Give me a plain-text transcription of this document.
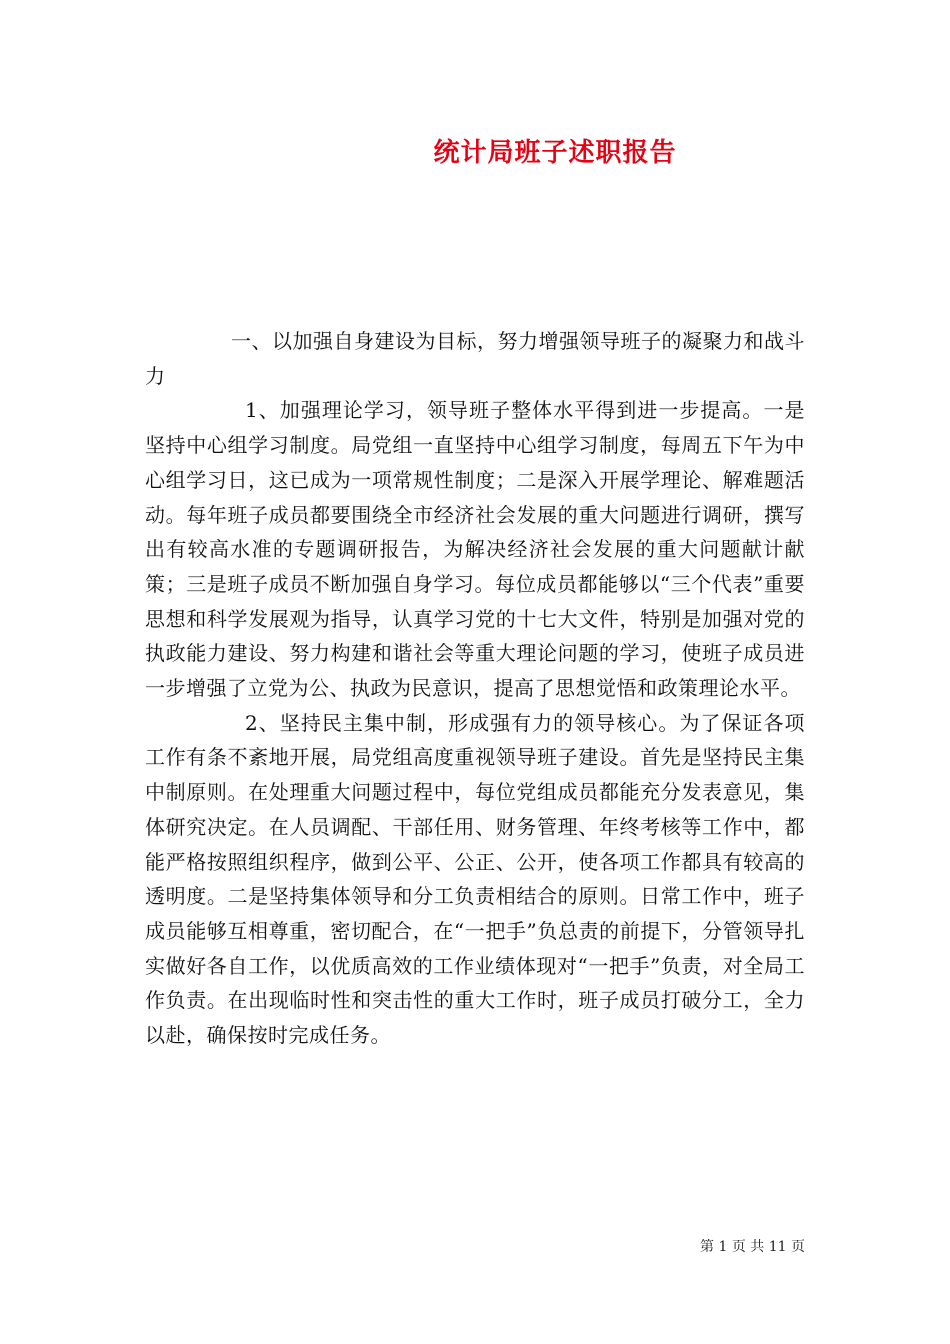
统计局班子述职报告

一、以加强自身建设为目标，努力增强领导班子的凝聚力和战斗力

1、加强理论学习，领导班子整体水平得到进一步提高。一是坚持中心组学习制度。局党组一直坚持中心组学习制度，每周五下午为中心组学习日，这已成为一项常规性制度；二是深入开展学理论、解难题活动。每年班子成员都要围绕全市经济社会发展的重大问题进行调研，撰写出有较高水准的专题调研报告，为解决经济社会发展的重大问题献计献策；三是班子成员不断加强自身学习。每位成员都能够以“三个代表”重要思想和科学发展观为指导，认真学习党的十七大文件，特别是加强对党的执政能力建设、努力构建和谐社会等重大理论问题的学习，使班子成员进一步增强了立党为公、执政为民意识，提高了思想觉悟和政策理论水平。

2、坚持民主集中制，形成强有力的领导核心。为了保证各项工作有条不紊地开展，局党组高度重视领导班子建设。首先是坚持民主集中制原则。在处理重大问题过程中，每位党组成员都能充分发表意见，集体研究决定。在人员调配、干部任用、财务管理、年终考核等工作中，都能严格按照组织程序，做到公平、公正、公开，使各项工作都具有较高的透明度。二是坚持集体领导和分工负责相结合的原则。日常工作中，班子成员能够互相尊重，密切配合，在“一把手”负总责的前提下，分管领导扎实做好各自工作，以优质高效的工作业绩体现对“一把手”负责，对全局工作负责。在出现临时性和突击性的重大工作时，班子成员打破分工，全力以赴，确保按时完成任务。

第 1 页 共 11 页
